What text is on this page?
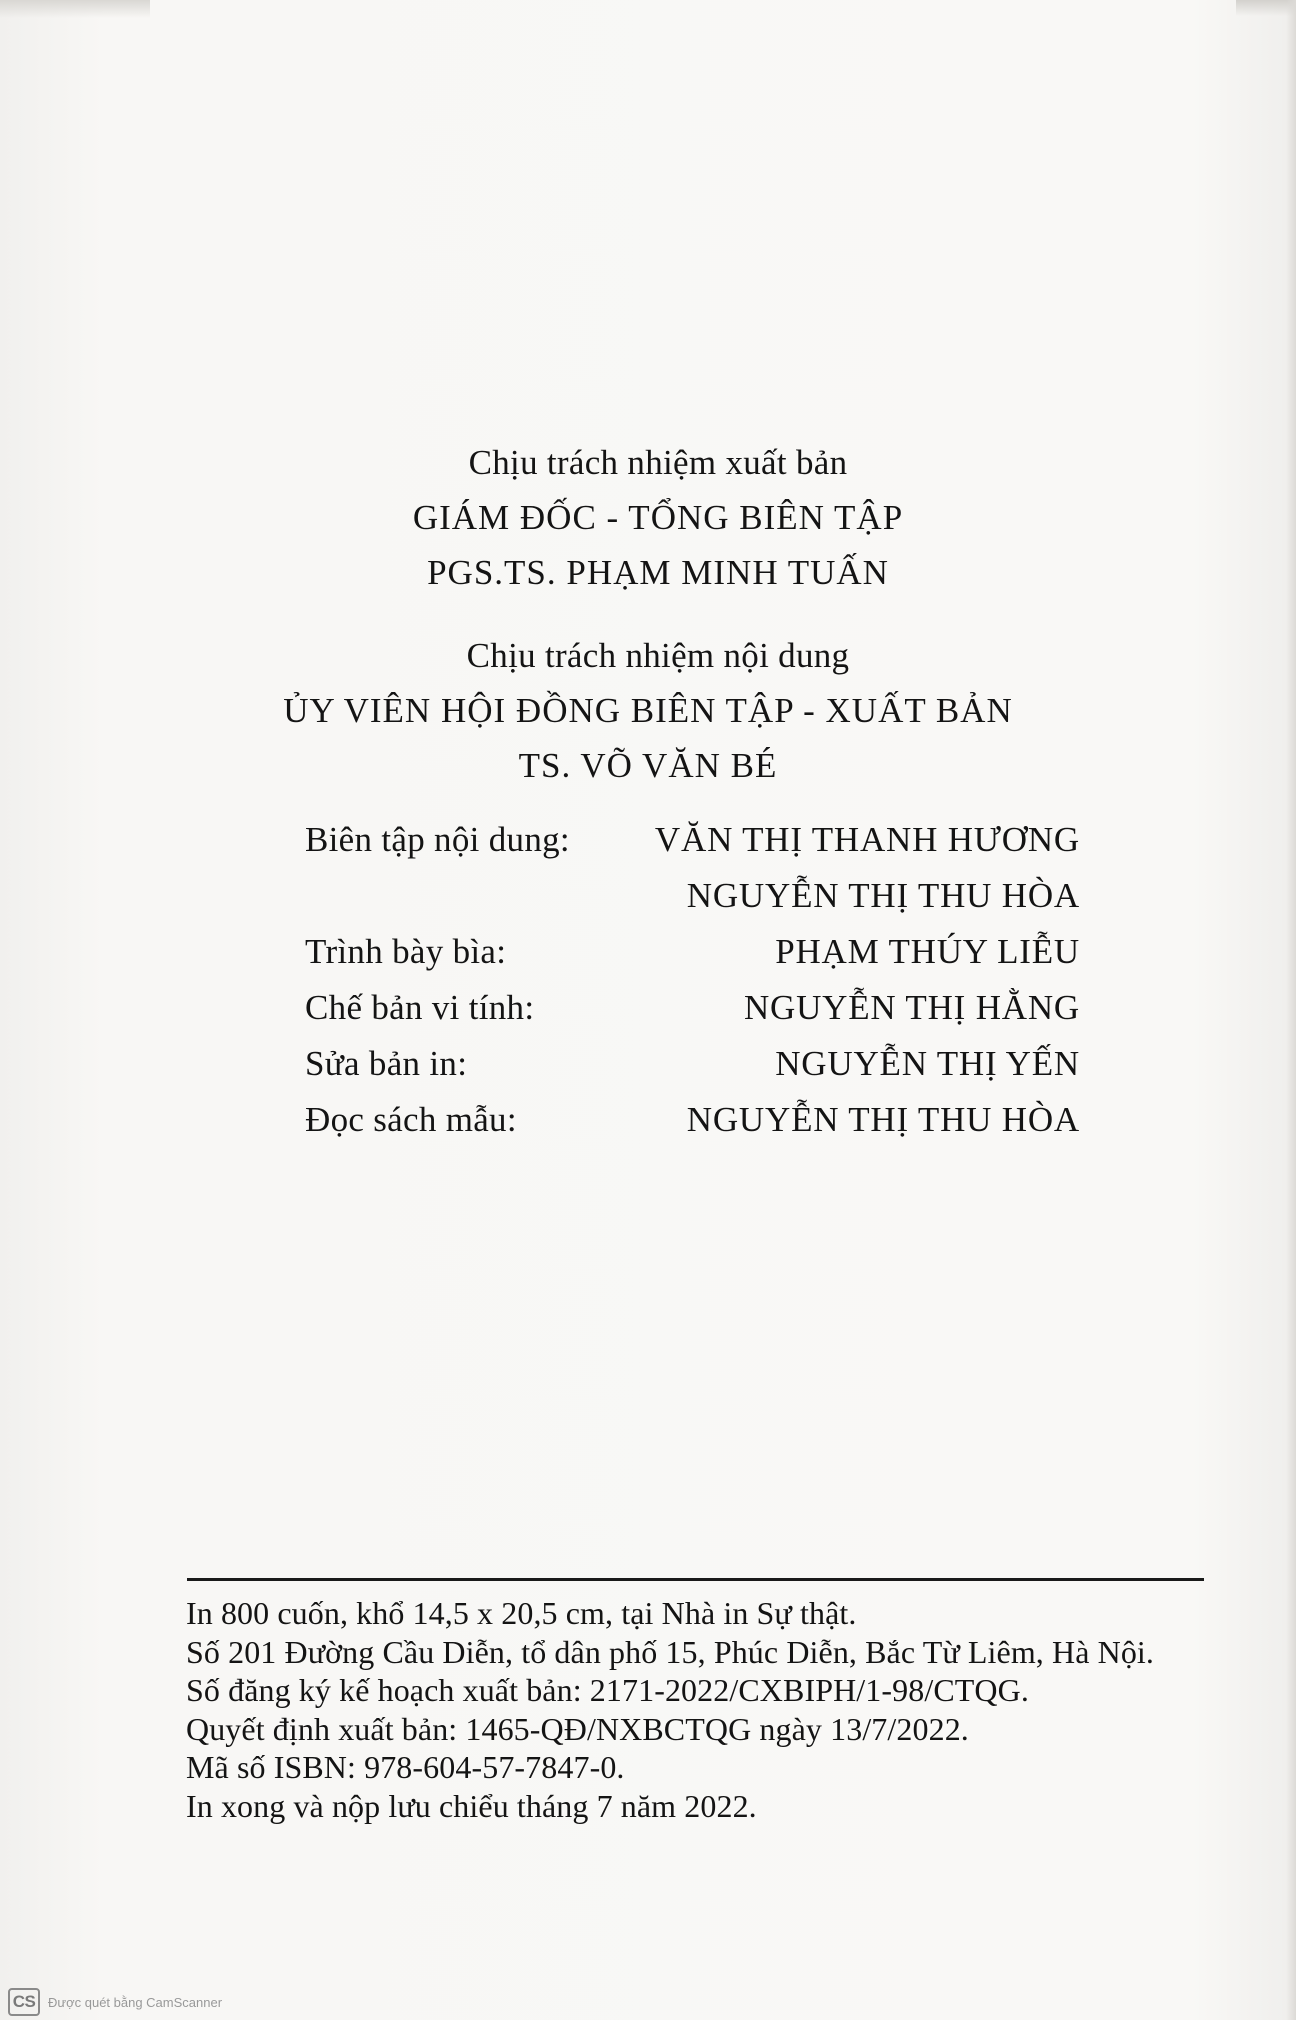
Chịu trách nhiệm xuất bản
GIÁM ĐỐC - TỔNG BIÊN TẬP
PGS.TS. PHẠM MINH TUẤN
Chịu trách nhiệm nội dung
ỦY VIÊN HỘI ĐỒNG BIÊN TẬP - XUẤT BẢN
TS. VÕ VĂN BÉ
Biên tập nội dung: VĂN THỊ THANH HƯƠNG
NGUYỄN THỊ THU HÒA
Trình bày bìa:	PHẠM THÚY LIỄU
Chế bản vi tính:	NGUYỄN THỊ HẰNG
Sửa bản in:	NGUYỄN THỊ YẾN
Đọc sách mẫu:	NGUYỄN THỊ THU HÒA
In 800 cuốn, khổ 14,5 x 20,5 cm, tại Nhà in Sự thật.
Số 201 Đường Cầu Diễn, tổ dân phố 15, Phúc Diễn, Bắc Từ Liêm, Hà Nội.
Số đăng ký kế hoạch xuất bản: 2171-2022/CXBIPH/1-98/CTQG.
Quyết định xuất bản: 1465-QĐ/NXBCTQG ngày 13/7/2022.
Mã số ISBN: 978-604-57-7847-0.
In xong và nộp lưu chiểu tháng 7 năm 2022.
CS Được quét bằng CamScanner
